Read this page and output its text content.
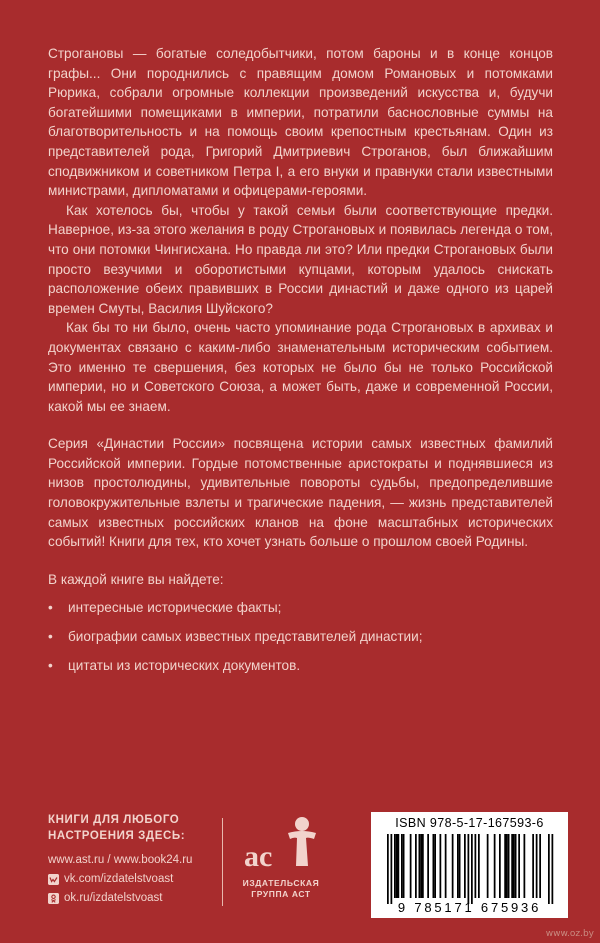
Строгановы — богатые соледобытчики, потом бароны и в конце концов графы... Они породнились с правящим домом Романовых и потомками Рюрика, собрали огромные коллекции произведений искусства и, будучи богатейшими помещиками в империи, потратили баснословные суммы на благотворительность и на помощь своим крепостным крестьянам. Один из представителей рода, Григорий Дмитриевич Строганов, был ближайшим сподвижником и советником Петра I, а его внуки и правнуки стали известными министрами, дипломатами и офицерами-героями.

Как хотелось бы, чтобы у такой семьи были соответствующие предки. Наверное, из-за этого желания в роду Строгановых и появилась легенда о том, что они потомки Чингисхана. Но правда ли это? Или предки Строгановых были просто везучими и оборотистыми купцами, которым удалось снискать расположение обеих правивших в России династий и даже одного из царей времен Смуты, Василия Шуйского?

Как бы то ни было, очень часто упоминание рода Строгановых в архивах и документах связано с каким-либо знаменательным историческим событием. Это именно те свершения, без которых не было бы не только Российской империи, но и Советского Союза, а может быть, даже и современной России, какой мы ее знаем.

Серия «Династии России» посвящена истории самых известных фамилий Российской империи. Гордые потомственные аристократы и поднявшиеся из низов простолюдины, удивительные повороты судьбы, предопределившие головокружительные взлеты и трагические падения, — жизнь представителей самых известных российских кланов на фоне масштабных исторических событий! Книги для тех, кто хочет узнать больше о прошлом своей Родины.

В каждой книге вы найдете:

• интересные исторические факты;
• биографии самых известных представителей династии;
• цитаты из исторических документов.
КНИГИ ДЛЯ ЛЮБОГО
НАСТРОЕНИЯ ЗДЕСЬ:
www.ast.ru / www.book24.ru
vk.com/izdatelstvoast
ok.ru/izdatelstvoast
ac
ИЗДАТЕЛЬСКАЯ
ГРУППА АСТ
ISBN 978-5-17-167593-6
9 785171 675936
www.oz.by
